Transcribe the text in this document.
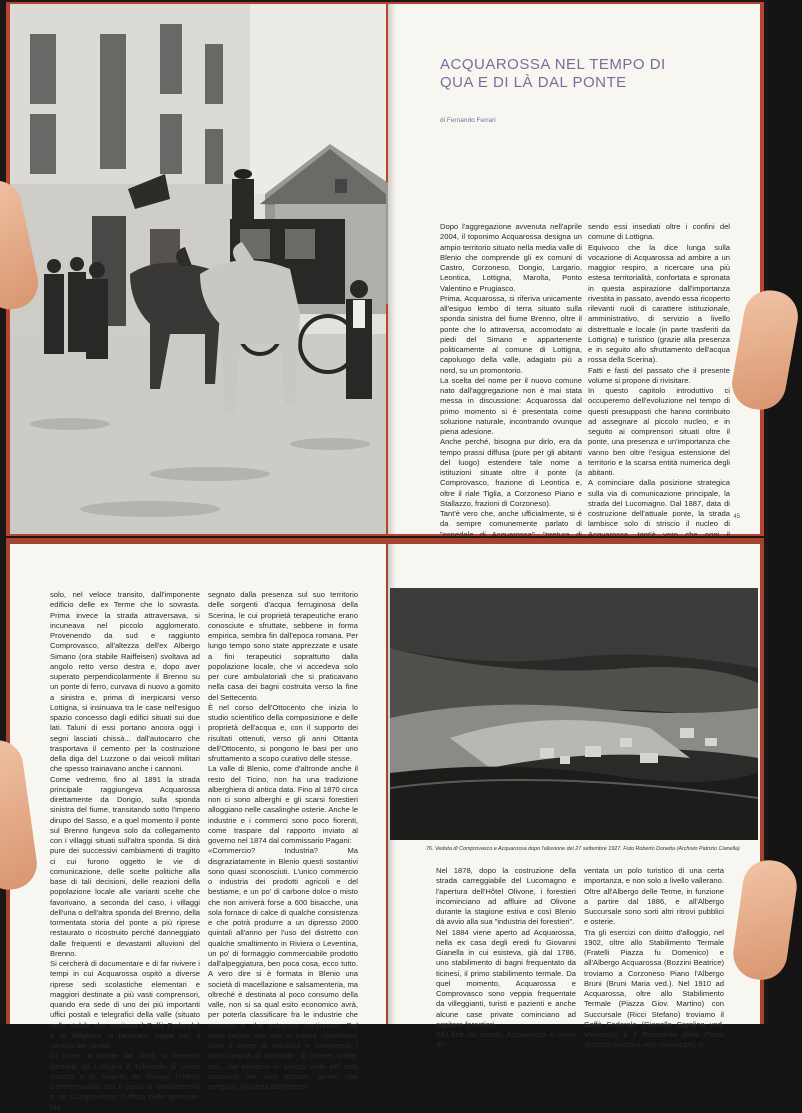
ACQUAROSSA NEL TEMPO DI QUA E DI LÀ DAL PONTE
di Fernando Ferrari
Dopo l'aggregazione avvenuta nell'aprile 2004, il toponimo Acquarossa designa un ampio territorio situato nella media valle di Blenio che comprende gli ex comuni di Castro, Corzoneso, Dongio, Largario, Leontica, Lottigna, Marolta, Ponto Valentino e Prugiasco.
Prima, Acquarossa, si riferiva unicamente all'esiguo lembo di terra situato sulla sponda sinistra del fiume Brenno, oltre il ponte che lo attraversa, accomodato ai piedi del Simano e appartenente politicamente al comune di Lottigna, capoluogo della valle, adagiato più a nord, su un promontorio.
La scelta del nome per il nuovo comune nato dall'aggregazione non è mai stata messa in discussione: Acquarossa dal primo momento si è presentata come soluzione naturale, incontrando ovunque piena adesione.
Anche perché, bisogna pur dirlo, era da tempo prassi diffusa (pure per gli abitanti del luogo) estendere tale nome a istituzioni situate oltre il ponte (a Comprovasco, frazione di Leontica e, oltre il riale Tiglia, a Corzoneso Piano e Stallazzo, frazioni di Corzoneso).
Tant'è vero che, anche ufficialmente, si è da sempre comunemente parlato di "ospedale di Acquarossa", "pretura di
sendo essi insediati oltre i confini del comune di Lottigna.
Equivoco che la dice lunga sulla vocazione di Acquarossa ad ambire a un maggior respiro, a ricercare una più estesa territorialità, confortata e spronata in questa aspirazione dall'importanza rivestita in passato, avendo essa ricoperto rilevanti ruoli di carattere istituzionale, amministrativo, di servizio a livello distrettuale e locale (in parte trasferiti da Lottigna) e turistico (grazie alla presenza e in seguito allo sfruttamento dell'acqua rossa della Scerina).
Fatti e fasti del passato che il presente volume si propone di rivisitare.
In questo capitolo introduttivo ci occuperemo dell'evoluzione nel tempo di questi presupposti che hanno contribuito ad assegnare al piccolo nucleo, e in seguito ai comprensori situati oltre il ponte, una presenza e un'importanza che vanno ben oltre l'esigua estensione del territorio e la scarsa entità numerica degli abitanti.
A cominciare dalla posizione strategica sulla via di comunicazione principale, la strada del Lucomagno. Dal 1887, data di costruzione dell'attuale ponte, la strada lambisce solo di striscio il nucleo di Acquarossa, tant'è vero che oggi il
45
solo, nel veloce transito, dall'imponente edificio delle ex Terme che lo sovrasta. Prima invece la strada attraversava, si incuneava nel piccolo agglomerato. Provenendo da sud e raggiunto Comprovasco, all'altezza dell'ex Albergo Simano (ora stabile Raiffeisen) svoltava ad angolo retto verso destra e, dopo aver superato perpendicolarmente il Brenno su un ponte di ferro, curvava di nuovo a gomito a sinistra e, prima di inerpicarsi verso Lottigna, si insinuava tra le case nell'esiguo spazio concesso dagli edifici situati sui due lati. Taluni di essi portano ancora oggi i segni lasciati chissà... dall'autocarro che trasportava il cemento per la costruzione della diga del Luzzone o dai veicoli militari che spesso trainavano anche i cannoni.
Come vedremo, fino al 1891 la strada principale raggiungeva Acquarossa direttamente da Dongio, sulla sponda sinistra del fiume, transitando sotto l'imperio dirupo del Sasso, e a quel momento il ponte sul Brenno fungeva solo da collegamento con i villaggi situati sull'altra sponda. Si dirà pure dei successivi cambiamenti di tragitto ci cui furono oggetto le vie di comunicazione, delle scelte politiche alla base di tali decisioni, delle reazioni della popolazione locale alle varianti scelte che favorivano, a seconda del caso, i villaggi dell'una o dell'altra sponda del Brenno, della tormentata storia del ponte a più riprese restaurato o ricostruito perché danneggiato dalle frequenti e devastanti alluvioni del Brenno.
Si cercherà di documentare e di far rivivere i tempi in cui Acquarossa ospitò a diverse riprese sedi scolastiche elementari e maggiori destinate a più vasti comprensori, quando era sede di uno dei più importanti uffici postali e telegrafici della valle (situato nello stabile che ospitava il Caffè Federale) e le diligenze vi facevano tappa per il cambio dei cavalli.
Di come, a partire dal 1891, vi vennero trasferiti da Lottigna il Tribunale di prima istanza e in seguito da Dongio l'Ufficio Commissariale con il posto di Gendarmeria e da Comprovasco l'Ufficio delle Ipoteche. Ma
segnato dalla presenza sul suo territorio delle sorgenti d'acqua ferruginosa della Scerina, le cui proprietà terapeutiche erano conosciute e sfruttate, sebbene in forma empirica, sembra fin dall'epoca romana. Per lungo tempo sono state apprezzate e usate a fini terapeutici soprattutto dalla popolazione locale, che vi accedeva solo per cure ambulatoriali che si praticavano nella casa dei bagni costruita verso la fine del Settecento.
È nel corso dell'Ottocento che inizia lo studio scientifico della composizione e delle proprietà dell'acqua e, con il supporto dei risultati ottenuti, verso gli anni Ottanta dell'Ottocento, si pongono le basi per uno sfruttamento a scopo curativo delle stesse.
La valle di Blenio, come d'altronde anche il resto del Ticino, non ha una tradizione alberghiera di antica data. Fino al 1870 circa non ci sono alberghi e gli scarsi forestieri alloggiano nelle casalinghe osterie. Anche le industrie e i commerci sono poco fiorenti, come traspare dal rapporto inviato al governo nel 1874 dal commissario Pagani:
«Commercio? Industria? Ma disgraziatamente in Blenio questi sostantivi sono quasi sconosciuti. L'unico commercio o industria dei prodotti agricoli e del bestiame, e un po' di carbone dolce o misto che non arriverà forse a 600 bisacche, una sola fornace di calce di qualche consistenza e che potrà produrre a un dipresso 2000 quintali all'anno per l'uso del distretto con qualche smaltimento in Riviera o Leventina, un po' di formaggio commerciabile prodotto dall'alpeggiatura, ben poca cosa, ecco tutto. A vero dire si è formata in Blenio una società di macellazione e salsamenteria, ma oltreché è destinata al poco consumo della valle, non si sa qual esito economico avrà, per poterla classificare fra le industrie che sorgono e che potranno continuare. Del resto penso che non si possa classificare sotto il nome di industria e commercio i pochi negozi di granaglie, di osterie, stoffe, ecc. che esistono in questa valle per solo consumo dei suoi abitanti, generi che vengono importati dall'estero».
76. Veduta di Comprovasco e Acquarossa dopo l'alluvione del 27 settembre 1927. Foto Roberto Donetta (Archivio Patrizio Cianella)
Nel 1878, dopo la costruzione della strada carreggiabile del Lucomagno e l'apertura dell'Hôtel Olivone, i forestieri incominciano ad affluire ad Olivone durante la stagione estiva e così Blenio dà avvio alla sua "industria dei forestieri".
Nel 1884 viene aperto ad Acquarossa, nella ex casa degli eredi fu Giovanni Gianella in cui esisteva, già dal 1786, uno stabilimento di bagni frequentato da ticinesi, il primo stabilimento termale. Da quel momento, Acquarossa e Comprovasco sono veppia frequentate da villeggianti, turisti e pazienti e anche alcune case private cominciano ad ospitare forestieri.
Alla fine del secolo, Acquarossa è ormai di-
ventata un polo turistico di una certa importanza, e non solo a livello vallerano. Oltre all'Albergo delle Terme, in funzione a partire dal 1886, e all'Albergo Succursale sono sorti altri ritrovi pubblici e osterie.
Tra gli esercizi con diritto d'alloggio, nel 1902, oltre allo Stabilimento Termale (Fratelli Piazza fu Domenico) e all'Albergo Acquarossa (Bozzini Beatrice) troviamo a Corzoneso Piano l'Albergo Bruni (Bruni Maria ved.). Nel 1910 ad Acquarossa, oltre allo Stabilimento Termale (Piazza Giov. Martino) con Succursale (Ricci Stefano) troviamo il Caffè Federale (Gianella Carolina ved. Vincenzo) e il Ristorante della Posta (Bozzini Beatrice ved. Giuseppe), a
